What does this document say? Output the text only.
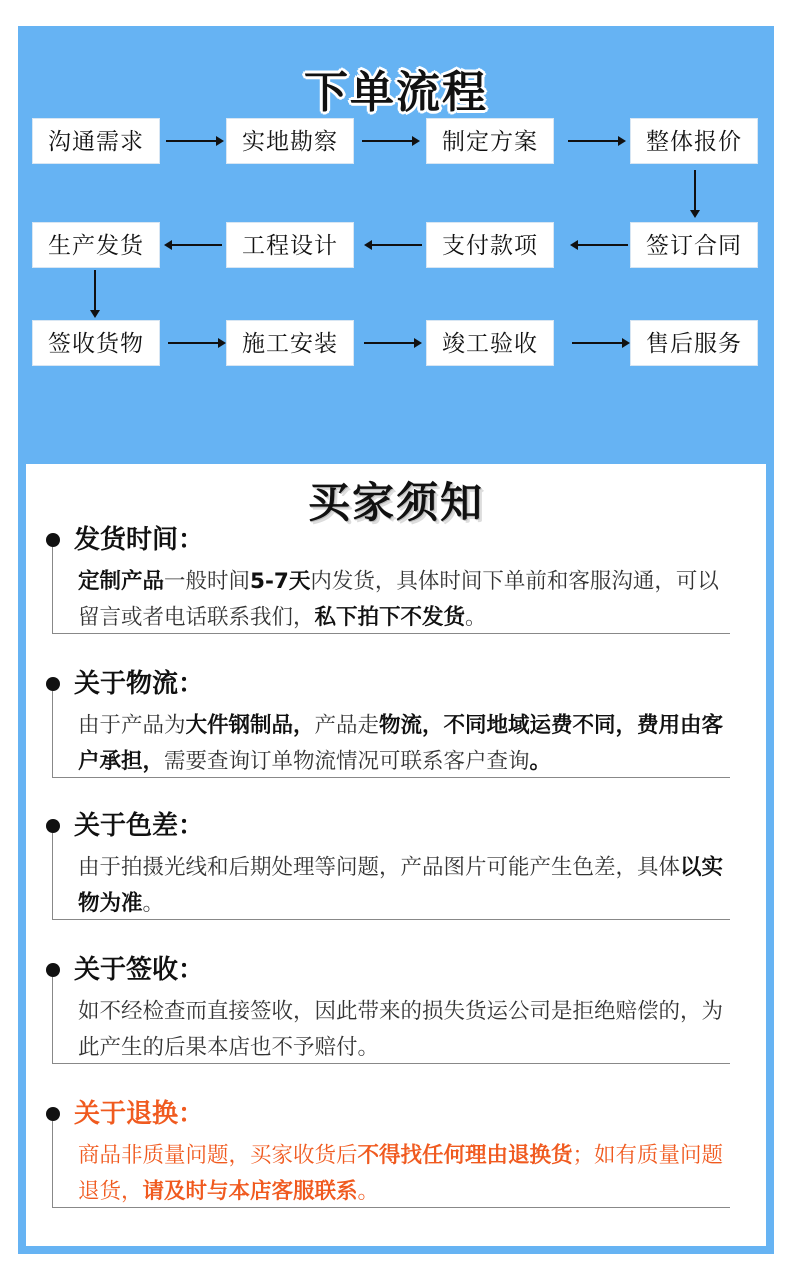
下单流程
沟通需求	实地勘察	制定方案	整体报价
生产发货	工程设计	支付款项	签订合同
签收货物	施工安装	竣工验收	售后服务
买家须知
发货时间：

定制产品一般时间5-7天内发货，具体时间下单前和客服沟通，可以留言或者电话联系我们，私下拍下不发货。

关于物流：

由于产品为大件钢制品，产品走物流，不同地域运费不同，费用由客户承担，需要查询订单物流情况可联系客户查询。

关于色差：

由于拍摄光线和后期处理等问题，产品图片可能产生色差，具体以实物为准。

关于签收：

如不经检查而直接签收，因此带来的损失货运公司是拒绝赔偿的，为此产生的后果本店也不予赔付。

关于退换：

商品非质量问题，买家收货后不得找任何理由退换货；如有质量问题退货，请及时与本店客服联系。
